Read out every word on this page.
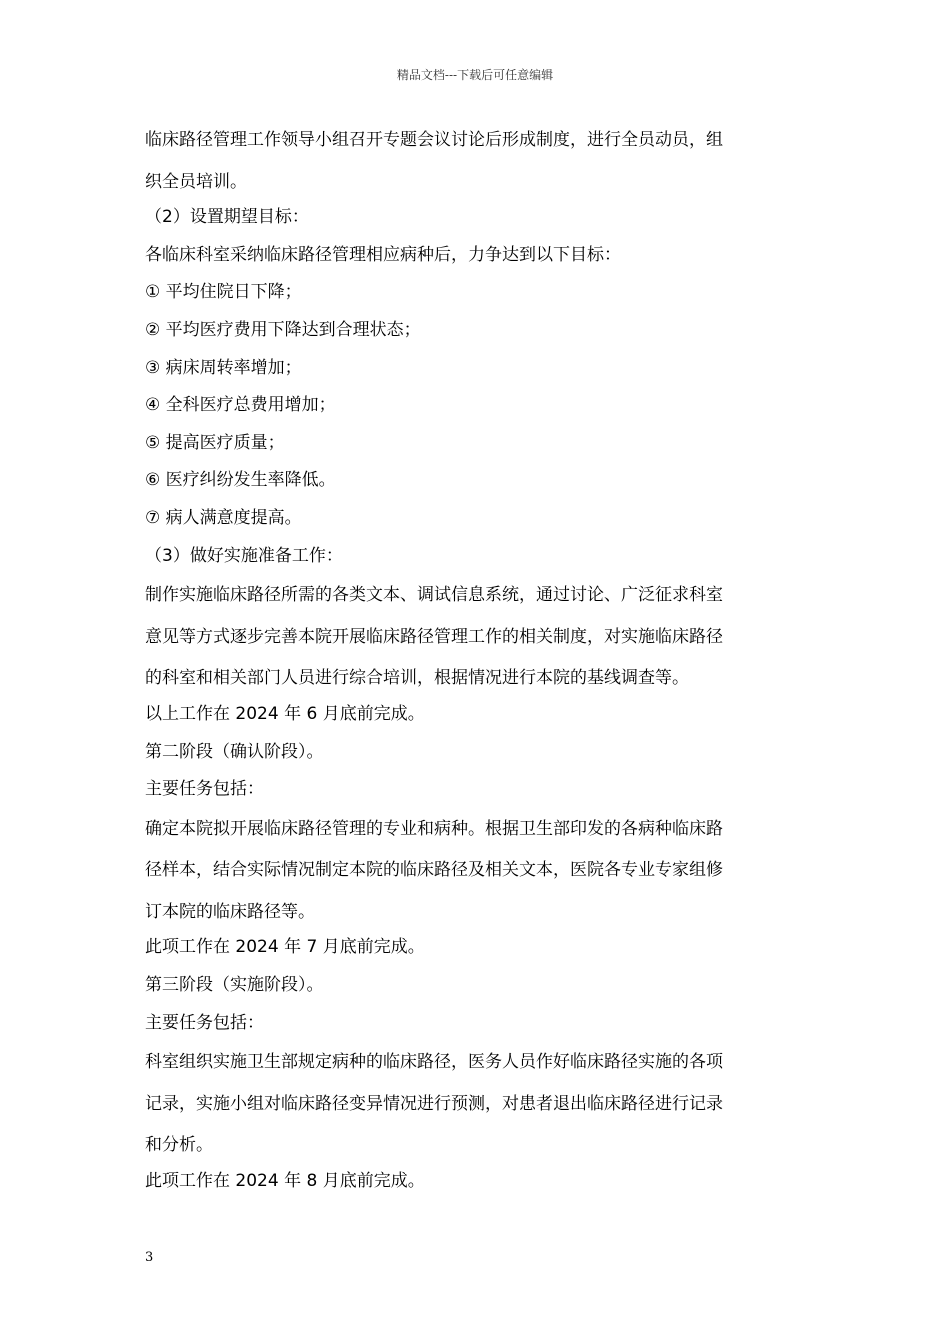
精品文档---下载后可任意编辑

临床路径管理工作领导小组召开专题会议讨论后形成制度，进行全员动员，组

织全员培训。

（2）设置期望目标：

各临床科室采纳临床路径管理相应病种后，力争达到以下目标：

① 平均住院日下降；

② 平均医疗费用下降达到合理状态；

③ 病床周转率增加；

④ 全科医疗总费用增加；

⑤ 提高医疗质量；

⑥ 医疗纠纷发生率降低。

⑦ 病人满意度提高。

（3）做好实施准备工作：

制作实施临床路径所需的各类文本、调试信息系统，通过讨论、广泛征求科室

意见等方式逐步完善本院开展临床路径管理工作的相关制度，对实施临床路径

的科室和相关部门人员进行综合培训，根据情况进行本院的基线调查等。

以上工作在 2024 年 6 月底前完成。

第二阶段（确认阶段）。

主要任务包括：

确定本院拟开展临床路径管理的专业和病种。根据卫生部印发的各病种临床路

径样本，结合实际情况制定本院的临床路径及相关文本，医院各专业专家组修

订本院的临床路径等。

此项工作在 2024 年 7 月底前完成。

第三阶段（实施阶段）。

主要任务包括：

科室组织实施卫生部规定病种的临床路径，医务人员作好临床路径实施的各项

记录，实施小组对临床路径变异情况进行预测，对患者退出临床路径进行记录

和分析。

此项工作在 2024 年 8 月底前完成。

3
